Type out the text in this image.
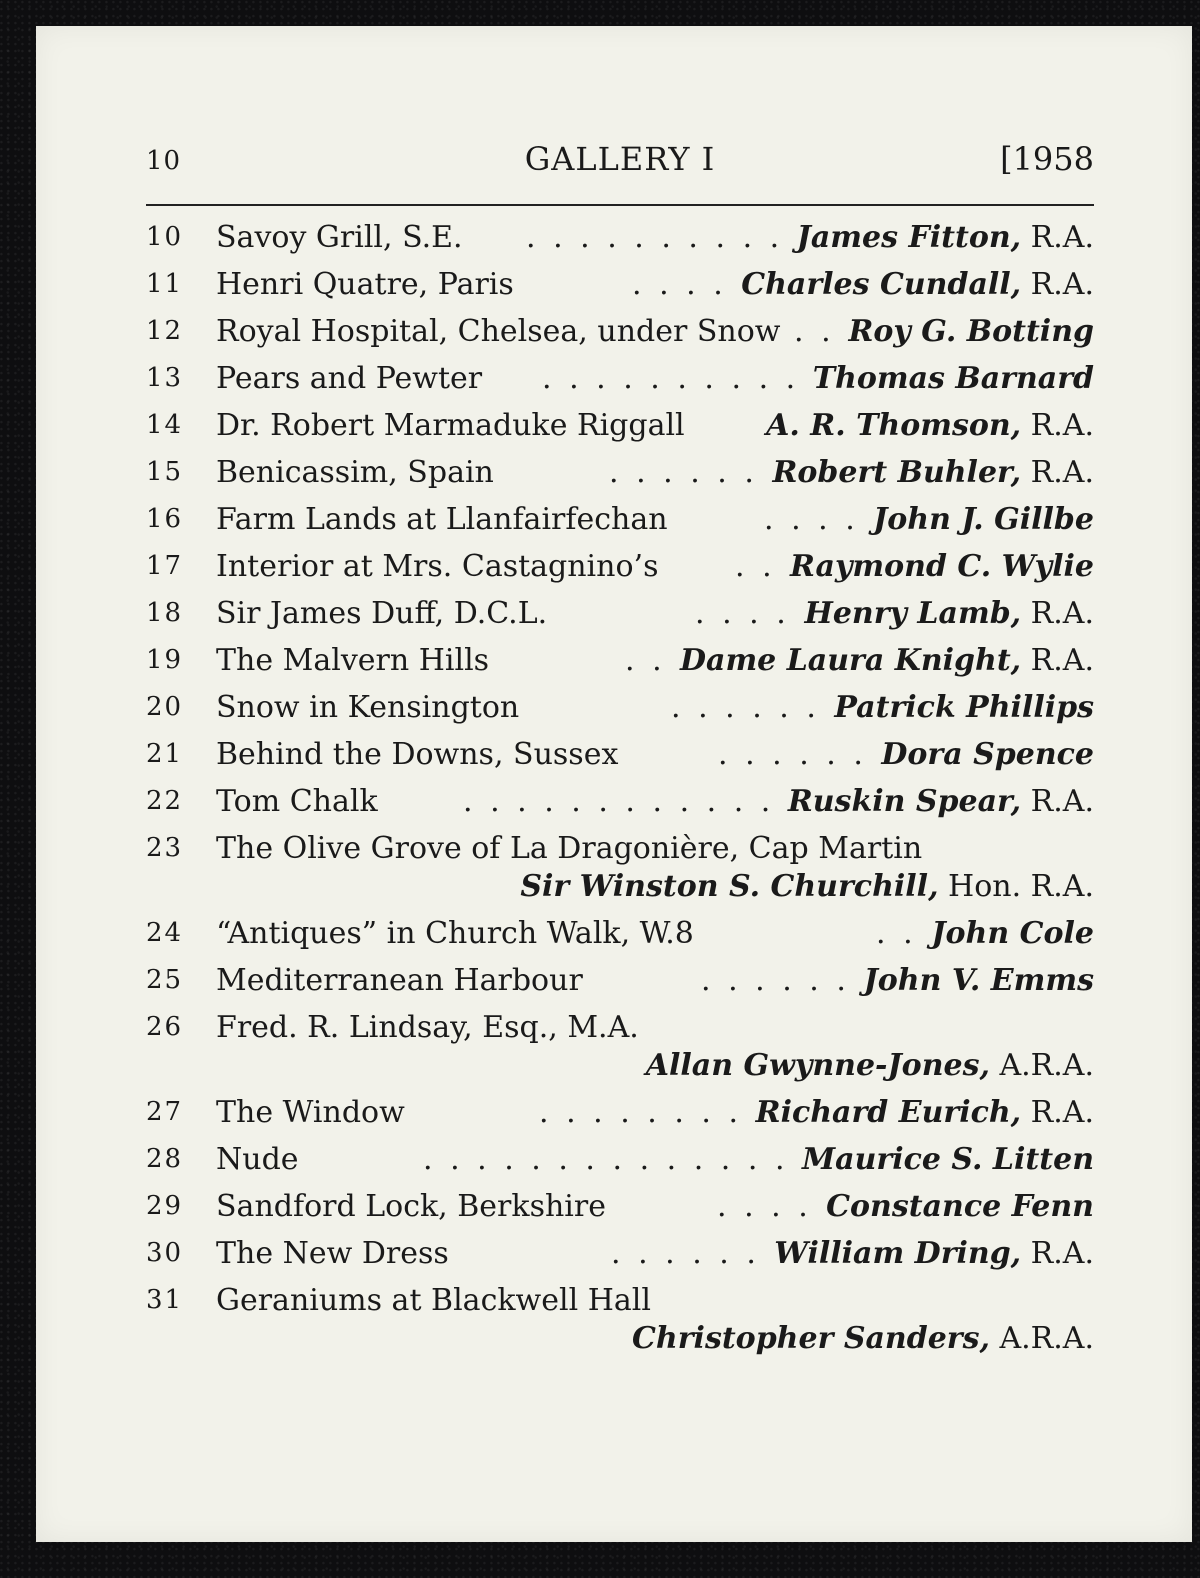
10	GALLERY I	[1958
10	Savoy Grill, S.E. . . . . . . . . . . James Fitton, R.A.
11	Henri Quatre, Paris	. . . . Charles Cundall, R.A.
12	Royal Hospital, Chelsea, under Snow . . Roy G. Botting
13	Pears and Pewter . . . . . . . . . . Thomas Barnard
14	Dr. Robert Marmaduke Riggall	A. R. Thomson, R.A.
15	Benicassim, Spain	. . . . . . Robert Buhler, R.A.
16	Farm Lands at Llanfairfechan	. . . . John J. Gillbe
17	Interior at Mrs. Castagnino’s	. . Raymond C. Wylie
18	Sir James Duff, D.C.L.	. . . . Henry Lamb, R.A.
19	The Malvern Hills	. . Dame Laura Knight, R.A.
20	Snow in Kensington	. . . . . . Patrick Phillips
21	Behind the Downs, Sussex	. . . . . . Dora Spence
22	Tom Chalk	. . . . . . . . . . . . Ruskin Spear, R.A.
23	The Olive Grove of La Dragonière, Cap Martin
Sir Winston S. Churchill, Hon. R.A.
24	“Antiques” in Church Walk, W.8	. . John Cole
25	Mediterranean Harbour	. . . . . . John V. Emms
26	Fred. R. Lindsay, Esq., M.A.
Allan Gwynne-Jones, A.R.A.
27	The Window	. . . . . . . . Richard Eurich, R.A.
28	Nude	. . . . . . . . . . . . . . Maurice S. Litten
29	Sandford Lock, Berkshire	. . . . Constance Fenn
30	The New Dress	. . . . . . William Dring, R.A.
31	Geraniums at Blackwell Hall
Christopher Sanders, A.R.A.
